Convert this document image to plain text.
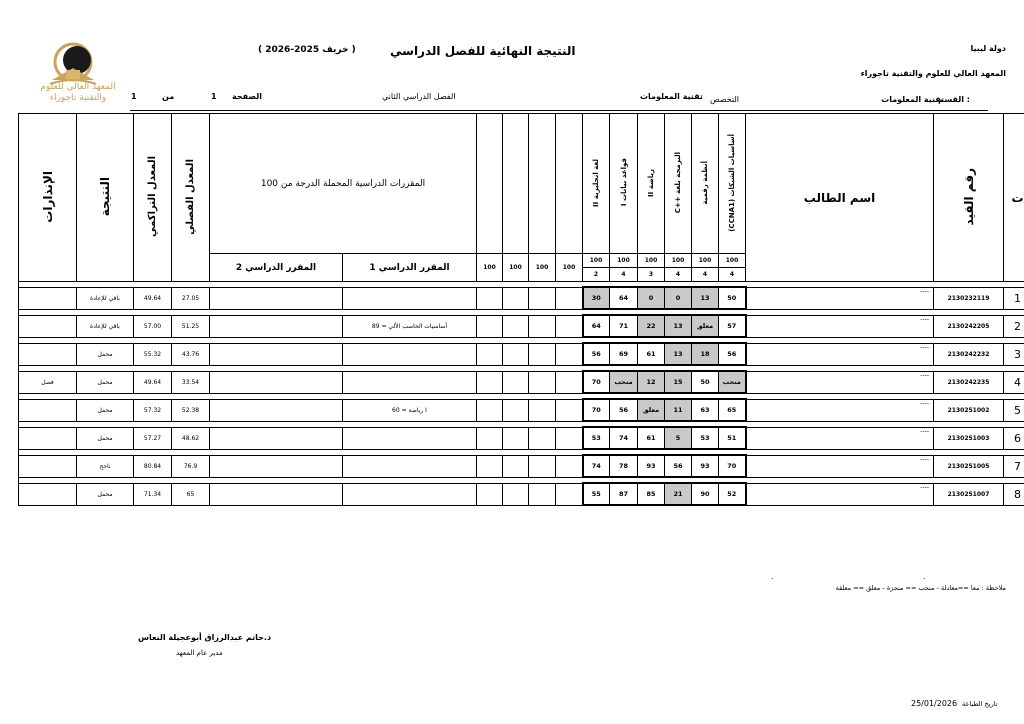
دولة ليبيا
المعهد العالي للعلوم والتقنية تاجوراء
النتيجة النهائية للفصل الدراسي
( خريف 2025-2026 )
المعهد العالي للعلوم والتقنية تاجوراء	القسم :
تقنية المعلومات
التخصص
تقنية المعلومات
الفصل الدراسي الثاني
الصفحة
1
من
1
ت	رقم القيد	اسم الطالب	أساسيات الشبكات (CCNA1)	أنظمة رقمية	البرمجة بلغة ++C	رياضة II	قواعد بيانات I	لغة انجليزية II					المقررات الدراسية المحملة الدرجة من 100		المعدل الفصلي	المعدل التراكمي	النتيجة	الإنذارات
			100	100	100	100	100	100	100	100	100	100	المقرر الدراسي 1	المقرر الدراسي 2				
			4	4	4	3	4	2										

1	2130232119	----	50	13	0	0	64	30							27.05	49.64	باقي للإعادة	

2	2130242205	----	57	معلق	13	22	71	64					أساسيات الحاسب الألي = 89		51.25	57.00	باقي للإعادة	

3	2130242232	----	56	18	13	61	69	56							43.76	55.32	محمل	

4	2130242235	----	منحب	50	15	12	منحب	70							33.54	49.64	محمل	فصل

5	2130251002	----	65	63	11	معلق	56	70					I رياضة = 60		52.38	57.32	محمل	

6	2130251003	----	51	53	5	61	74	53							48.62	57.27	محمل	

7	2130251005	----	70	93	56	93	78	74							76.9	80.84	ناجح	

8	2130251007	----	52	90	21	85	87	55							65	71.34	محمل	
.
.
ملاحظة : معا ==معادلة - منحب == منجزة - معلق == معلقة
د.حاتم عبدالرزاق أبوعجيلة النعاس
مدير عام المعهد
تاريخ الطباعة
25/01/2026
